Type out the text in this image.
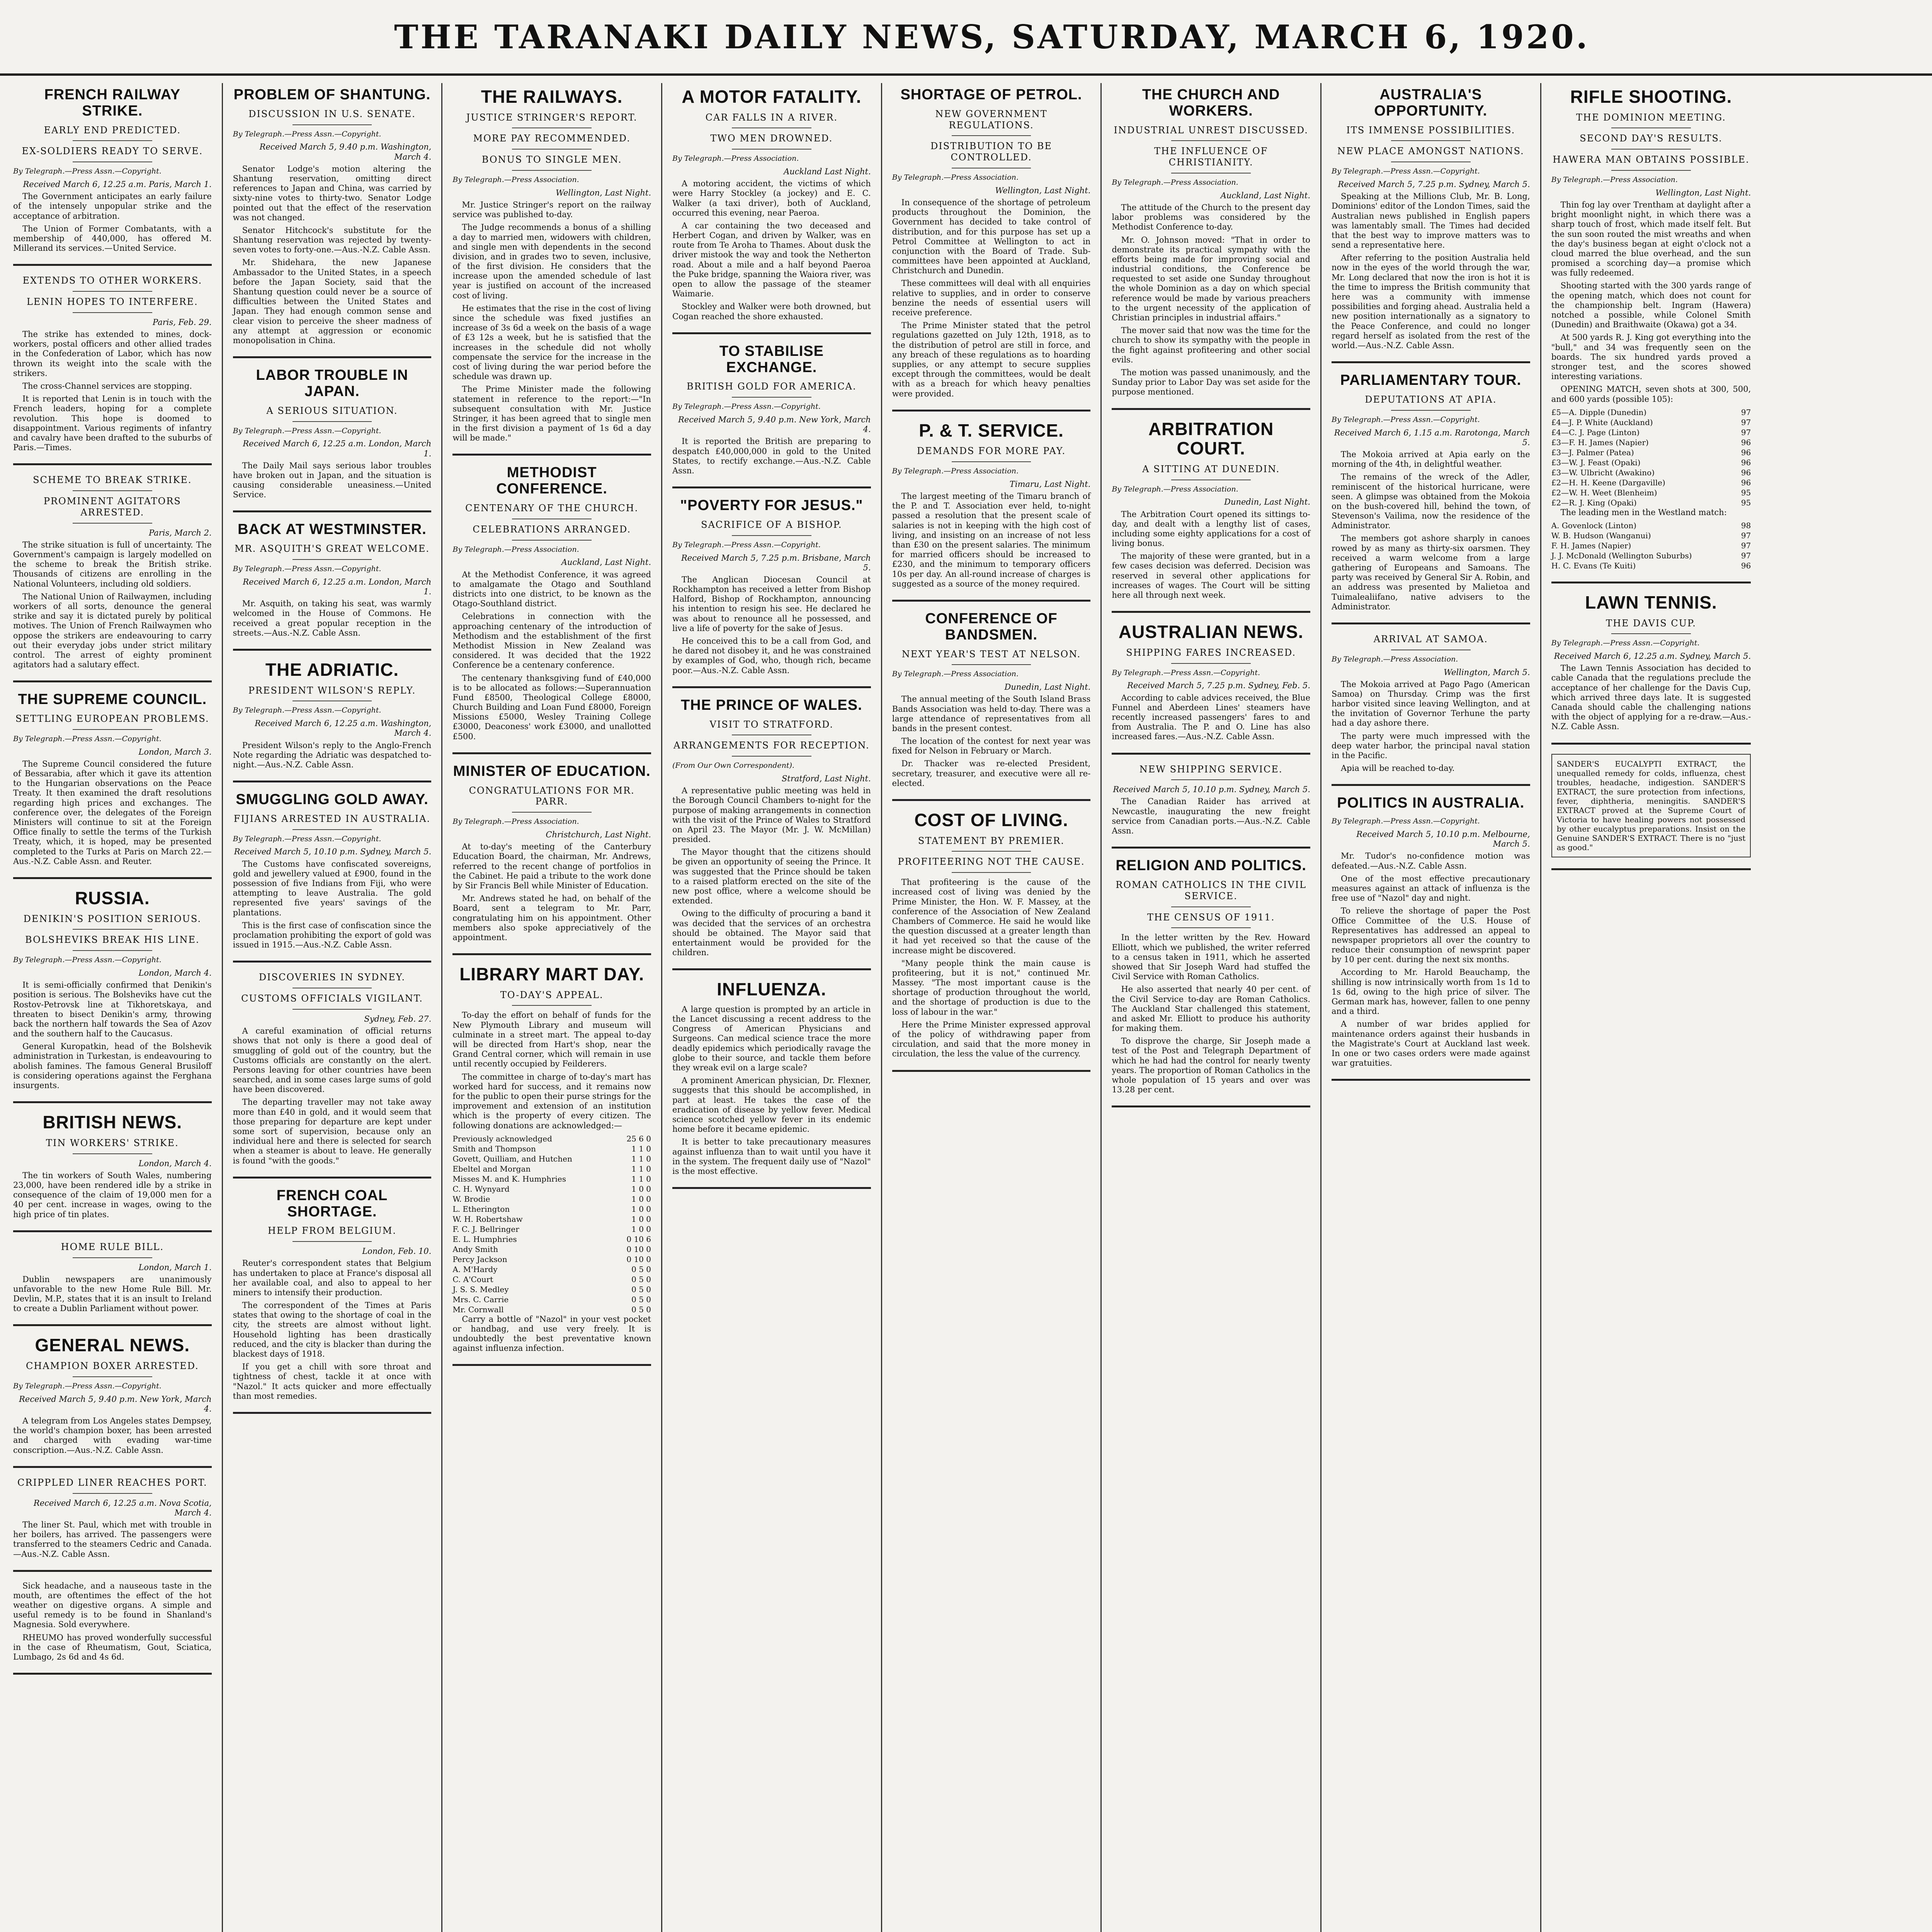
THE TARANAKI DAILY NEWS, SATURDAY, MARCH 6, 1920.
FRENCH RAILWAY STRIKE.
EARLY END PREDICTED.
EX-SOLDIERS READY TO SERVE.
By Telegraph.—Press Assn.—Copyright.
Received March 6, 12.25 a.m. Paris, March 1.

The Government anticipates an early failure of the intensely unpopular strike and the acceptance of arbitration.

The Union of Former Combatants, with a membership of 440,000, has offered M. Millerand its services.—United Service.

EXTENDS TO OTHER WORKERS.
LENIN HOPES TO INTERFERE.
Paris, Feb. 29.

The strike has extended to mines, dock-workers, postal officers and other allied trades in the Confederation of Labor, which has now thrown its weight into the scale with the strikers.

The cross-Channel services are stopping.

It is reported that Lenin is in touch with the French leaders, hoping for a complete revolution. This hope is doomed to disappointment. Various regiments of infantry and cavalry have been drafted to the suburbs of Paris.—Times.

SCHEME TO BREAK STRIKE.
PROMINENT AGITATORS ARRESTED.
Paris, March 2.

The strike situation is full of uncertainty. The Government's campaign is largely modelled on the scheme to break the British strike. Thousands of citizens are enrolling in the National Volunteers, including old soldiers.

The National Union of Railwaymen, including workers of all sorts, denounce the general strike and say it is dictated purely by political motives. The Union of French Railwaymen who oppose the strikers are endeavouring to carry out their everyday jobs under strict military control. The arrest of eighty prominent agitators had a salutary effect.

THE SUPREME COUNCIL.
SETTLING EUROPEAN PROBLEMS.
By Telegraph.—Press Assn.—Copyright.
London, March 3.

The Supreme Council considered the future of Bessarabia, after which it gave its attention to the Hungarian observations on the Peace Treaty. It then examined the draft resolutions regarding high prices and exchanges. The conference over, the delegates of the Foreign Ministers will continue to sit at the Foreign Office finally to settle the terms of the Turkish Treaty, which, it is hoped, may be presented completed to the Turks at Paris on March 22.—Aus.-N.Z. Cable Assn. and Reuter.

RUSSIA.
DENIKIN'S POSITION SERIOUS.
BOLSHEVIKS BREAK HIS LINE.
By Telegraph.—Press Assn.—Copyright.
London, March 4.

It is semi-officially confirmed that Denikin's position is serious. The Bolsheviks have cut the Rostov-Petrovsk line at Tikhoretskaya, and threaten to bisect Denikin's army, throwing back the northern half towards the Sea of Azov and the southern half to the Caucasus.

General Kuropatkin, head of the Bolshevik administration in Turkestan, is endeavouring to abolish famines. The famous General Brusiloff is considering operations against the Ferghana insurgents.

BRITISH NEWS.
TIN WORKERS' STRIKE.
London, March 4.

The tin workers of South Wales, numbering 23,000, have been rendered idle by a strike in consequence of the claim of 19,000 men for a 40 per cent. increase in wages, owing to the high price of tin plates.

HOME RULE BILL.
London, March 1.

Dublin newspapers are unanimously unfavorable to the new Home Rule Bill. Mr. Devlin, M.P., states that it is an insult to Ireland to create a Dublin Parliament without power.

GENERAL NEWS.
CHAMPION BOXER ARRESTED.
By Telegraph.—Press Assn.—Copyright.
Received March 5, 9.40 p.m. New York, March 4.

A telegram from Los Angeles states Dempsey, the world's champion boxer, has been arrested and charged with evading war-time conscription.—Aus.-N.Z. Cable Assn.

CRIPPLED LINER REACHES PORT.
Received March 6, 12.25 a.m. Nova Scotia, March 4.

The liner St. Paul, which met with trouble in her boilers, has arrived. The passengers were transferred to the steamers Cedric and Canada.—Aus.-N.Z. Cable Assn.

Sick headache, and a nauseous taste in the mouth, are oftentimes the effect of the hot weather on digestive organs. A simple and useful remedy is to be found in Shanland's Magnesia. Sold everywhere.

RHEUMO has proved wonderfully successful in the case of Rheumatism, Gout, Sciatica, Lumbago, 2s 6d and 4s 6d.

PROBLEM OF SHANTUNG.
DISCUSSION IN U.S. SENATE.
By Telegraph.—Press Assn.—Copyright.
Received March 5, 9.40 p.m. Washington, March 4.

Senator Lodge's motion altering the Shantung reservation, omitting direct references to Japan and China, was carried by sixty-nine votes to thirty-two. Senator Lodge pointed out that the effect of the reservation was not changed.

Senator Hitchcock's substitute for the Shantung reservation was rejected by twenty-seven votes to forty-one.—Aus.-N.Z. Cable Assn.

Mr. Shidehara, the new Japanese Ambassador to the United States, in a speech before the Japan Society, said that the Shantung question could never be a source of difficulties between the United States and Japan. They had enough common sense and clear vision to perceive the sheer madness of any attempt at aggression or economic monopolisation in China.

LABOR TROUBLE IN JAPAN.
A SERIOUS SITUATION.
By Telegraph.—Press Assn.—Copyright.
Received March 6, 12.25 a.m. London, March 1.

The Daily Mail says serious labor troubles have broken out in Japan, and the situation is causing considerable uneasiness.—United Service.

BACK AT WESTMINSTER.
MR. ASQUITH'S GREAT WELCOME.
By Telegraph.—Press Assn.—Copyright.
Received March 6, 12.25 a.m. London, March 1.

Mr. Asquith, on taking his seat, was warmly welcomed in the House of Commons. He received a great popular reception in the streets.—Aus.-N.Z. Cable Assn.

THE ADRIATIC.
PRESIDENT WILSON'S REPLY.
By Telegraph.—Press Assn.—Copyright.
Received March 6, 12.25 a.m. Washington, March 4.

President Wilson's reply to the Anglo-French Note regarding the Adriatic was despatched to-night.—Aus.-N.Z. Cable Assn.

SMUGGLING GOLD AWAY.
FIJIANS ARRESTED IN AUSTRALIA.
By Telegraph.—Press Assn.—Copyright.
Received March 5, 10.10 p.m. Sydney, March 5.

The Customs have confiscated sovereigns, gold and jewellery valued at £900, found in the possession of five Indians from Fiji, who were attempting to leave Australia. The gold represented five years' savings of the plantations.

This is the first case of confiscation since the proclamation prohibiting the export of gold was issued in 1915.—Aus.-N.Z. Cable Assn.

DISCOVERIES IN SYDNEY.
CUSTOMS OFFICIALS VIGILANT.
Sydney, Feb. 27.

A careful examination of official returns shows that not only is there a good deal of smuggling of gold out of the country, but the Customs officials are constantly on the alert. Persons leaving for other countries have been searched, and in some cases large sums of gold have been discovered.

The departing traveller may not take away more than £40 in gold, and it would seem that those preparing for departure are kept under some sort of supervision, because only an individual here and there is selected for search when a steamer is about to leave. He generally is found "with the goods."

FRENCH COAL SHORTAGE.
HELP FROM BELGIUM.
London, Feb. 10.

Reuter's correspondent states that Belgium has undertaken to place at France's disposal all her available coal, and also to appeal to her miners to intensify their production.

The correspondent of the Times at Paris states that owing to the shortage of coal in the city, the streets are almost without light. Household lighting has been drastically reduced, and the city is blacker than during the blackest days of 1918.

If you get a chill with sore throat and tightness of chest, tackle it at once with "Nazol." It acts quicker and more effectually than most remedies.

THE RAILWAYS.
JUSTICE STRINGER'S REPORT.
MORE PAY RECOMMENDED.
BONUS TO SINGLE MEN.
By Telegraph.—Press Association.
Wellington, Last Night.

Mr. Justice Stringer's report on the railway service was published to-day.

The Judge recommends a bonus of a shilling a day to married men, widowers with children, and single men with dependents in the second division, and in grades two to seven, inclusive, of the first division. He considers that the increase upon the amended schedule of last year is justified on account of the increased cost of living.

He estimates that the rise in the cost of living since the schedule was fixed justifies an increase of 3s 6d a week on the basis of a wage of £3 12s a week, but he is satisfied that the increases in the schedule did not wholly compensate the service for the increase in the cost of living during the war period before the schedule was drawn up.

The Prime Minister made the following statement in reference to the report:—"In subsequent consultation with Mr. Justice Stringer, it has been agreed that to single men in the first division a payment of 1s 6d a day will be made."

METHODIST CONFERENCE.
CENTENARY OF THE CHURCH.
CELEBRATIONS ARRANGED.
By Telegraph.—Press Association.
Auckland, Last Night.

At the Methodist Conference, it was agreed to amalgamate the Otago and Southland districts into one district, to be known as the Otago-Southland district.

Celebrations in connection with the approaching centenary of the introduction of Methodism and the establishment of the first Methodist Mission in New Zealand was considered. It was decided that the 1922 Conference be a centenary conference.

The centenary thanksgiving fund of £40,000 is to be allocated as follows:—Superannuation Fund £8500, Theological College £8000, Church Building and Loan Fund £8000, Foreign Missions £5000, Wesley Training College £3000, Deaconess' work £3000, and unallotted £500.

MINISTER OF EDUCATION.
CONGRATULATIONS FOR MR. PARR.
By Telegraph.—Press Association.
Christchurch, Last Night.

At to-day's meeting of the Canterbury Education Board, the chairman, Mr. Andrews, referred to the recent change of portfolios in the Cabinet. He paid a tribute to the work done by Sir Francis Bell while Minister of Education.

Mr. Andrews stated he had, on behalf of the Board, sent a telegram to Mr. Parr, congratulating him on his appointment. Other members also spoke appreciatively of the appointment.

LIBRARY MART DAY.
TO-DAY'S APPEAL.

To-day the effort on behalf of funds for the New Plymouth Library and museum will culminate in a street mart. The appeal to-day will be directed from Hart's shop, near the Grand Central corner, which will remain in use until recently occupied by Feilderers.

The committee in charge of to-day's mart has worked hard for success, and it remains now for the public to open their purse strings for the improvement and extension of an institution which is the property of every citizen. The following donations are acknowledged:—

Previously acknowledged	25 6 0
Smith and Thompson	1 1 0
Govett, Quilliam, and Hutchen	1 1 0
Ebeltel and Morgan	1 1 0
Misses M. and K. Humphries	1 1 0
C. H. Wynyard	1 0 0
W. Brodie	1 0 0
L. Etherington	1 0 0
W. H. Robertshaw	1 0 0
F. C. J. Bellringer	1 0 0
E. L. Humphries	0 10 6
Andy Smith	0 10 0
Percy Jackson	0 10 0
A. M'Hardy	0 5 0
C. A'Court	0 5 0
J. S. S. Medley	0 5 0
Mrs. C. Carrie	0 5 0
Mr. Cornwall	0 5 0

Carry a bottle of "Nazol" in your vest pocket or handbag, and use very freely. It is undoubtedly the best preventative known against influenza infection.

A MOTOR FATALITY.
CAR FALLS IN A RIVER.
TWO MEN DROWNED.
By Telegraph.—Press Association.
Auckland Last Night.

A motoring accident, the victims of which were Harry Stockley (a jockey) and E. C. Walker (a taxi driver), both of Auckland, occurred this evening, near Paeroa.

A car containing the two deceased and Herbert Cogan, and driven by Walker, was en route from Te Aroha to Thames. About dusk the driver mistook the way and took the Netherton road. About a mile and a half beyond Paeroa the Puke bridge, spanning the Waiora river, was open to allow the passage of the steamer Waimarie.

Stockley and Walker were both drowned, but Cogan reached the shore exhausted.

TO STABILISE EXCHANGE.
BRITISH GOLD FOR AMERICA.
By Telegraph.—Press Assn.—Copyright.
Received March 5, 9.40 p.m. New York, March 4.

It is reported the British are preparing to despatch £40,000,000 in gold to the United States, to rectify exchange.—Aus.-N.Z. Cable Assn.

"POVERTY FOR JESUS."
SACRIFICE OF A BISHOP.
By Telegraph.—Press Assn.—Copyright.
Received March 5, 7.25 p.m. Brisbane, March 5.

The Anglican Diocesan Council at Rockhampton has received a letter from Bishop Halford, Bishop of Rockhampton, announcing his intention to resign his see. He declared he was about to renounce all he possessed, and live a life of poverty for the sake of Jesus.

He conceived this to be a call from God, and he dared not disobey it, and he was constrained by examples of God, who, though rich, became poor.—Aus.-N.Z. Cable Assn.

THE PRINCE OF WALES.
VISIT TO STRATFORD.
ARRANGEMENTS FOR RECEPTION.
(From Our Own Correspondent).
Stratford, Last Night.

A representative public meeting was held in the Borough Council Chambers to-night for the purpose of making arrangements in connection with the visit of the Prince of Wales to Stratford on April 23. The Mayor (Mr. J. W. McMillan) presided.

The Mayor thought that the citizens should be given an opportunity of seeing the Prince. It was suggested that the Prince should be taken to a raised platform erected on the site of the new post office, where a welcome should be extended.

Owing to the difficulty of procuring a band it was decided that the services of an orchestra should be obtained. The Mayor said that entertainment would be provided for the children.

INFLUENZA.

A large question is prompted by an article in the Lancet discussing a recent address to the Congress of American Physicians and Surgeons. Can medical science trace the more deadly epidemics which periodically ravage the globe to their source, and tackle them before they wreak evil on a large scale?

A prominent American physician, Dr. Flexner, suggests that this should be accomplished, in part at least. He takes the case of the eradication of disease by yellow fever. Medical science scotched yellow fever in its endemic home before it became epidemic.

It is better to take precautionary measures against influenza than to wait until you have it in the system. The frequent daily use of "Nazol" is the most effective.

SHORTAGE OF PETROL.
NEW GOVERNMENT REGULATIONS.
DISTRIBUTION TO BE CONTROLLED.
By Telegraph.—Press Association.
Wellington, Last Night.

In consequence of the shortage of petroleum products throughout the Dominion, the Government has decided to take control of distribution, and for this purpose has set up a Petrol Committee at Wellington to act in conjunction with the Board of Trade. Sub-committees have been appointed at Auckland, Christchurch and Dunedin.

These committees will deal with all enquiries relative to supplies, and in order to conserve benzine the needs of essential users will receive preference.

The Prime Minister stated that the petrol regulations gazetted on July 12th, 1918, as to the distribution of petrol are still in force, and any breach of these regulations as to hoarding supplies, or any attempt to secure supplies except through the committees, would be dealt with as a breach for which heavy penalties were provided.

P. & T. SERVICE.
DEMANDS FOR MORE PAY.
By Telegraph.—Press Association.
Timaru, Last Night.

The largest meeting of the Timaru branch of the P. and T. Association ever held, to-night passed a resolution that the present scale of salaries is not in keeping with the high cost of living, and insisting on an increase of not less than £30 on the present salaries. The minimum for married officers should be increased to £230, and the minimum to temporary officers 10s per day. An all-round increase of charges is suggested as a source of the money required.

CONFERENCE OF BANDSMEN.
NEXT YEAR'S TEST AT NELSON.
By Telegraph.—Press Association.
Dunedin, Last Night.

The annual meeting of the South Island Brass Bands Association was held to-day. There was a large attendance of representatives from all bands in the present contest.

The location of the contest for next year was fixed for Nelson in February or March.

Dr. Thacker was re-elected President, secretary, treasurer, and executive were all re-elected.

COST OF LIVING.
STATEMENT BY PREMIER.
PROFITEERING NOT THE CAUSE.

That profiteering is the cause of the increased cost of living was denied by the Prime Minister, the Hon. W. F. Massey, at the conference of the Association of New Zealand Chambers of Commerce. He said he would like the question discussed at a greater length than it had yet received so that the cause of the increase might be discovered.

"Many people think the main cause is profiteering, but it is not," continued Mr. Massey. "The most important cause is the shortage of production throughout the world, and the shortage of production is due to the loss of labour in the war."

Here the Prime Minister expressed approval of the policy of withdrawing paper from circulation, and said that the more money in circulation, the less the value of the currency.

THE CHURCH AND WORKERS.
INDUSTRIAL UNREST DISCUSSED.
THE INFLUENCE OF CHRISTIANITY.
By Telegraph.—Press Association.
Auckland, Last Night.

The attitude of the Church to the present day labor problems was considered by the Methodist Conference to-day.

Mr. O. Johnson moved: "That in order to demonstrate its practical sympathy with the efforts being made for improving social and industrial conditions, the Conference be requested to set aside one Sunday throughout the whole Dominion as a day on which special reference would be made by various preachers to the urgent necessity of the application of Christian principles in industrial affairs."

The mover said that now was the time for the church to show its sympathy with the people in the fight against profiteering and other social evils.

The motion was passed unanimously, and the Sunday prior to Labor Day was set aside for the purpose mentioned.

ARBITRATION COURT.
A SITTING AT DUNEDIN.
By Telegraph.—Press Association.
Dunedin, Last Night.

The Arbitration Court opened its sittings to-day, and dealt with a lengthy list of cases, including some eighty applications for a cost of living bonus.

The majority of these were granted, but in a few cases decision was deferred. Decision was reserved in several other applications for increases of wages. The Court will be sitting here all through next week.

AUSTRALIAN NEWS.
SHIPPING FARES INCREASED.
By Telegraph.—Press Assn.—Copyright.
Received March 5, 7.25 p.m. Sydney, Feb. 5.

According to cable advices received, the Blue Funnel and Aberdeen Lines' steamers have recently increased passengers' fares to and from Australia. The P. and O. Line has also increased fares.—Aus.-N.Z. Cable Assn.

NEW SHIPPING SERVICE.
Received March 5, 10.10 p.m. Sydney, March 5.

The Canadian Raider has arrived at Newcastle, inaugurating the new freight service from Canadian ports.—Aus.-N.Z. Cable Assn.

RELIGION AND POLITICS.
ROMAN CATHOLICS IN THE CIVIL SERVICE.
THE CENSUS OF 1911.

In the letter written by the Rev. Howard Elliott, which we published, the writer referred to a census taken in 1911, which he asserted showed that Sir Joseph Ward had stuffed the Civil Service with Roman Catholics.

He also asserted that nearly 40 per cent. of the Civil Service to-day are Roman Catholics. The Auckland Star challenged this statement, and asked Mr. Elliott to produce his authority for making them.

To disprove the charge, Sir Joseph made a test of the Post and Telegraph Department of which he had had the control for nearly twenty years. The proportion of Roman Catholics in the whole population of 15 years and over was 13.28 per cent.

AUSTRALIA'S OPPORTUNITY.
ITS IMMENSE POSSIBILITIES.
NEW PLACE AMONGST NATIONS.
By Telegraph.—Press Assn.—Copyright.
Received March 5, 7.25 p.m. Sydney, March 5.

Speaking at the Millions Club, Mr. B. Long, Dominions' editor of the London Times, said the Australian news published in English papers was lamentably small. The Times had decided that the best way to improve matters was to send a representative here.

After referring to the position Australia held now in the eyes of the world through the war, Mr. Long declared that now the iron is hot it is the time to impress the British community that here was a community with immense possibilities and forging ahead. Australia held a new position internationally as a signatory to the Peace Conference, and could no longer regard herself as isolated from the rest of the world.—Aus.-N.Z. Cable Assn.

PARLIAMENTARY TOUR.
DEPUTATIONS AT APIA.
By Telegraph.—Press Assn.—Copyright.
Received March 6, 1.15 a.m. Rarotonga, March 5.

The Mokoia arrived at Apia early on the morning of the 4th, in delightful weather.

The remains of the wreck of the Adler, reminiscent of the historical hurricane, were seen. A glimpse was obtained from the Mokoia on the bush-covered hill, behind the town, of Stevenson's Vailima, now the residence of the Administrator.

The members got ashore sharply in canoes rowed by as many as thirty-six oarsmen. They received a warm welcome from a large gathering of Europeans and Samoans. The party was received by General Sir A. Robin, and an address was presented by Malietoa and Tuimalealiifano, native advisers to the Administrator.

ARRIVAL AT SAMOA.
By Telegraph.—Press Association.
Wellington, March 5.

The Mokoia arrived at Pago Pago (American Samoa) on Thursday. Crimp was the first harbor visited since leaving Wellington, and at the invitation of Governor Terhune the party had a day ashore there.

The party were much impressed with the deep water harbor, the principal naval station in the Pacific.

Apia will be reached to-day.

POLITICS IN AUSTRALIA.
By Telegraph.—Press Assn.—Copyright.
Received March 5, 10.10 p.m. Melbourne, March 5.

Mr. Tudor's no-confidence motion was defeated.—Aus.-N.Z. Cable Assn.

One of the most effective precautionary measures against an attack of influenza is the free use of "Nazol" day and night.

To relieve the shortage of paper the Post Office Committee of the U.S. House of Representatives has addressed an appeal to newspaper proprietors all over the country to reduce their consumption of newsprint paper by 10 per cent. during the next six months.

According to Mr. Harold Beauchamp, the shilling is now intrinsically worth from 1s 1d to 1s 6d, owing to the high price of silver. The German mark has, however, fallen to one penny and a third.

A number of war brides applied for maintenance orders against their husbands in the Magistrate's Court at Auckland last week. In one or two cases orders were made against war gratuities.

RIFLE SHOOTING.
THE DOMINION MEETING.
SECOND DAY'S RESULTS.
HAWERA MAN OBTAINS POSSIBLE.
By Telegraph.—Press Association.
Wellington, Last Night.

Thin fog lay over Trentham at daylight after a bright moonlight night, in which there was a sharp touch of frost, which made itself felt. But the sun soon routed the mist wreaths and when the day's business began at eight o'clock not a cloud marred the blue overhead, and the sun promised a scorching day—a promise which was fully redeemed.

Shooting started with the 300 yards range of the opening match, which does not count for the championship belt. Ingram (Hawera) notched a possible, while Colonel Smith (Dunedin) and Braithwaite (Okawa) got a 34.

At 500 yards R. J. King got everything into the "bull," and 34 was frequently seen on the boards. The six hundred yards proved a stronger test, and the scores showed interesting variations.

OPENING MATCH, seven shots at 300, 500, and 600 yards (possible 105):

£5—A. Dipple (Dunedin)	97
£4—J. P. White (Auckland)	97
£4—C. J. Page (Linton)	97
£3—F. H. James (Napier)	96
£3—J. Palmer (Patea)	96
£3—W. J. Feast (Opaki)	96
£3—W. Ulbricht (Awakino)	96
£2—H. H. Keene (Dargaville)	96
£2—W. H. Weet (Blenheim)	95
£2—R. J. King (Opaki)	95

The leading men in the Westland match:

A. Govenlock (Linton)	98
W. B. Hudson (Wanganui)	97
F. H. James (Napier)	97
J. J. McDonald (Wellington Suburbs)	97
H. C. Evans (Te Kuiti)	96
LAWN TENNIS.
THE DAVIS CUP.
By Telegraph.—Press Assn.—Copyright.
Received March 6, 12.25 a.m. Sydney, March 5.

The Lawn Tennis Association has decided to cable Canada that the regulations preclude the acceptance of her challenge for the Davis Cup, which arrived three days late. It is suggested Canada should cable the challenging nations with the object of applying for a re-draw.—Aus.-N.Z. Cable Assn.

SANDER'S EUCALYPTI EXTRACT, the unequalled remedy for colds, influenza, chest troubles, headache, indigestion. SANDER'S EXTRACT, the sure protection from infections, fever, diphtheria, meningitis. SANDER'S EXTRACT proved at the Supreme Court of Victoria to have healing powers not possessed by other eucalyptus preparations. Insist on the Genuine SANDER'S EXTRACT. There is no "just as good."
